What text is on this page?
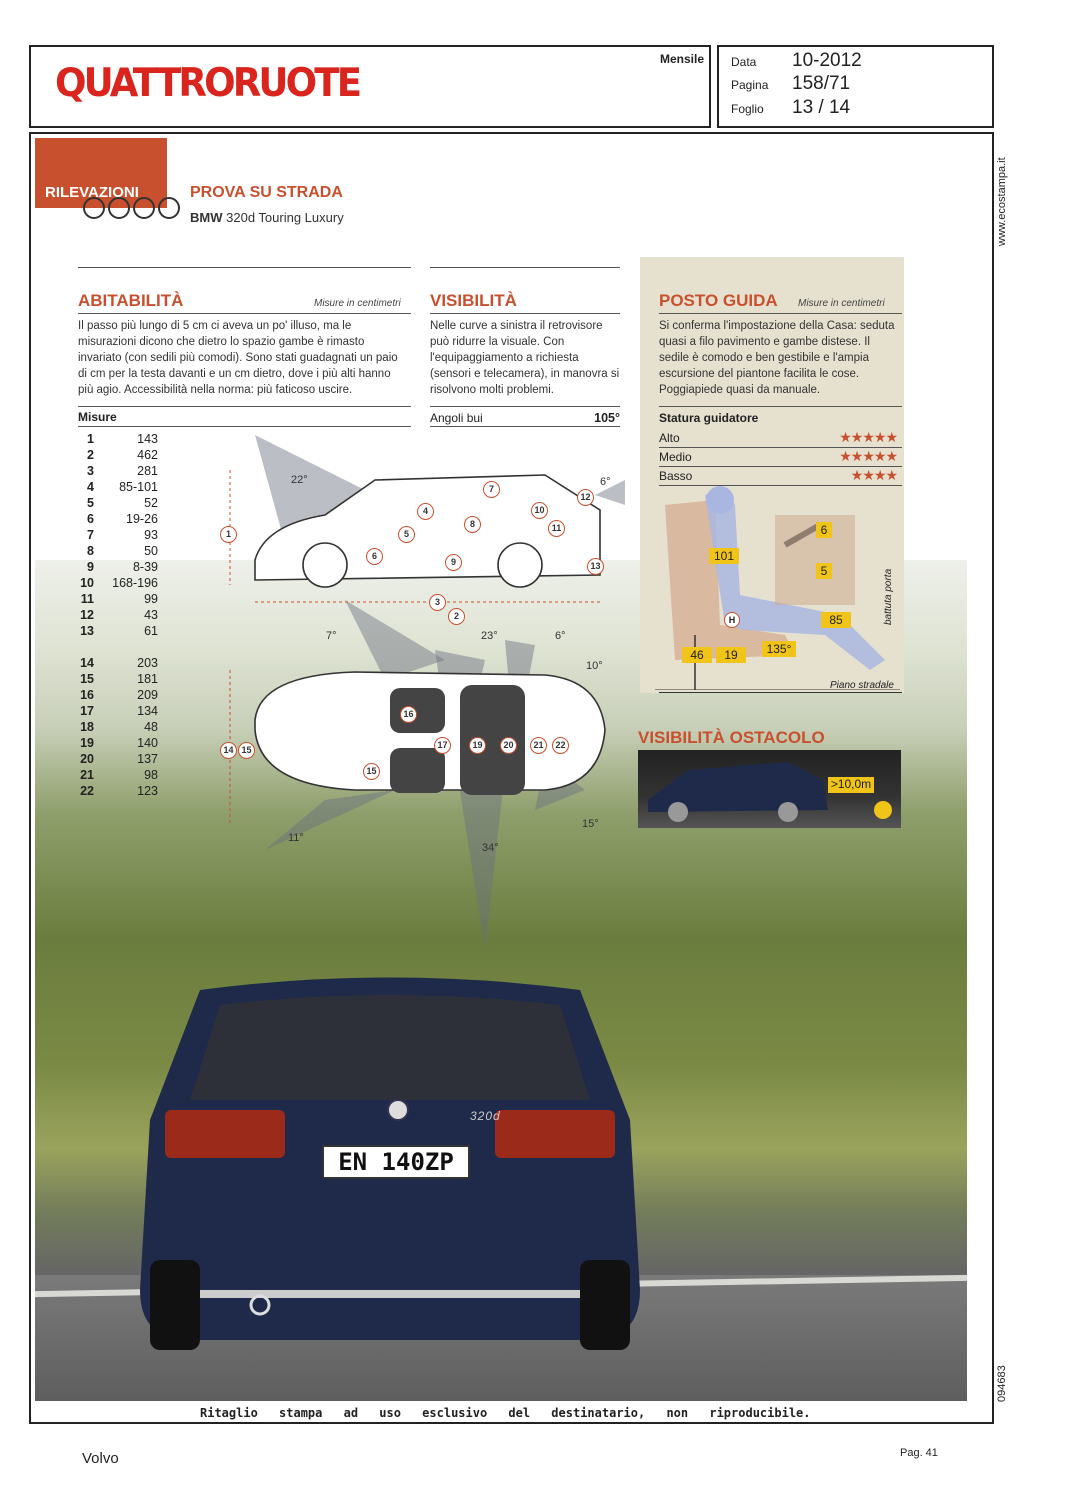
QUATTRORUOTE
Mensile Data 10-2012
Pagina 158/71
Foglio 13 / 14
www.ecostampa.it
094683
EN 140ZP
320d
RILEVAZIONI	PROVA SU STRADA
BMW 320d Touring Luxury
ABITABILITÀ	Misure in centimetri
Il passo più lungo di 5 cm ci aveva un po' illuso, ma le misurazioni dicono che dietro lo spazio gambe è rimasto invariato (con sedili più comodi). Sono stati guadagnati un paio di cm per la testa davanti e un cm dietro, dove i più alti hanno più agio. Accessibilità nella norma: più faticoso uscire.
Misure
1	143
2	462
3	281
4 85-101
5	52
6	19-26
7	93
8	50
9	8-39
10 168-196
11	99
12	43
13	61
14	203
15	181
16	209
17	134
18	48
19	140
20	137
21	98
22	123
VISIBILITÀ
Nelle curve a sinistra il retrovisore può ridurre la visuale. Con l'equipaggiamento a richiesta (sensori e telecamera), in manovra si risolvono molti problemi.
Angoli bui	105°
POSTO GUIDA Misure in centimetri
Si conferma l'impostazione della Casa: seduta quasi a filo pavimento e gambe distese. Il sedile è comodo e ben gestibile e l'ampia escursione del piantone facilita le cose. Poggiapiede quasi da manuale.
Statura guidatore
Alto	★★★★★
Medio	★★★★★
Basso	★★★★
101
6
5
85
46	19	135°
H	battuta porta
Piano stradale
VISIBILITÀ OSTACOLO
>10,0m
22°	6°
7°	23°	6°
10°
11°
34°
15°
1
2
3
4
5
6
7
8
9
10
11
12
13
14 15
15
16
17	19	20	21	22
Ritaglio stampa ad uso esclusivo del destinatario, non riproducibile.
Volvo	Pag. 41
